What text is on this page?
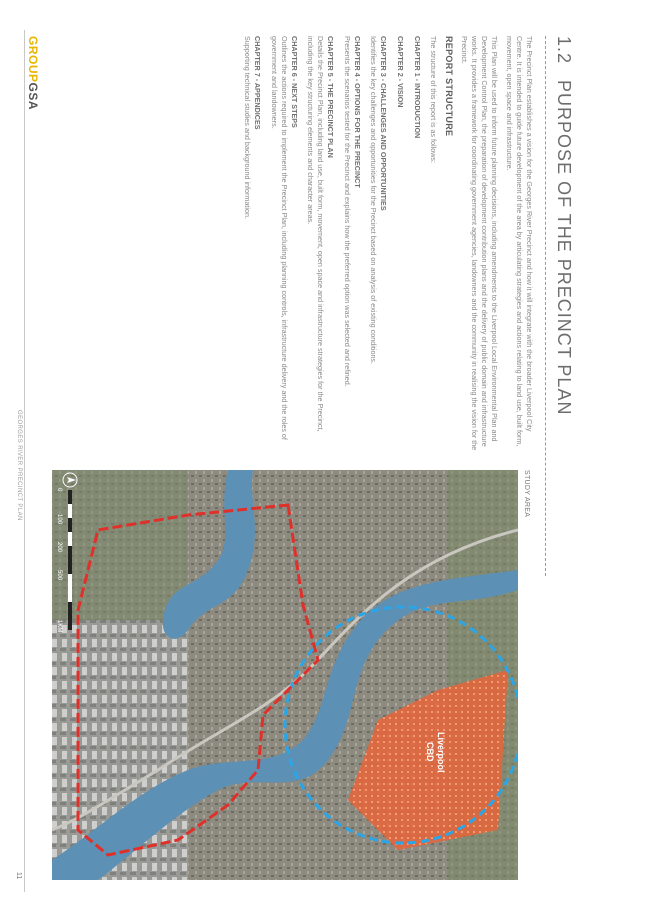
1.2 PURPOSE OF THE PRECINCT PLAN

The Precinct Plan establishes a vision for the Georges River Precinct and how it will integrate with the broader Liverpool City Centre. It is intended to guide future development of the area by articulating strategies and actions relating to land use, built form, movement, open space and infrastructure.

This Plan will be used to inform future planning decisions, including amendments to the Liverpool Local Environmental Plan and Development Control Plan, the preparation of development contribution plans and the delivery of public domain and infrastructure works. It provides a framework for coordinating government agencies, landowners and the community in realising the vision for the Precinct.

REPORT STRUCTURE

The structure of this report is as follows:

CHAPTER 1 - INTRODUCTION
CHAPTER 2 - VISION
CHAPTER 3 - CHALLENGES AND OPPORTUNITIES
Identifies the key challenges and opportunities for the Precinct based on analysis of existing conditions.
CHAPTER 4 - OPTIONS FOR THE PRECINCT
Presents the scenarios tested for the Precinct and explains how the preferred option was selected and refined.
CHAPTER 5 - THE PRECINCT PLAN
Details the Precinct Plan, including land use, built form, movement, open space and infrastructure strategies for the Precinct, including the key structuring elements and character areas.
CHAPTER 6 - NEXT STEPS
Outlines the actions required to implement the Precinct Plan, including planning controls, infrastructure delivery and the roles of government and landowners.
CHAPTER 7 - APPENDICES
Supporting technical studies and background information.
GROUPGSA
STUDY AREA
Liverpool
CBD
0
100
200
500
1KM
GEORGES RIVER PRECINCT PLAN
11
